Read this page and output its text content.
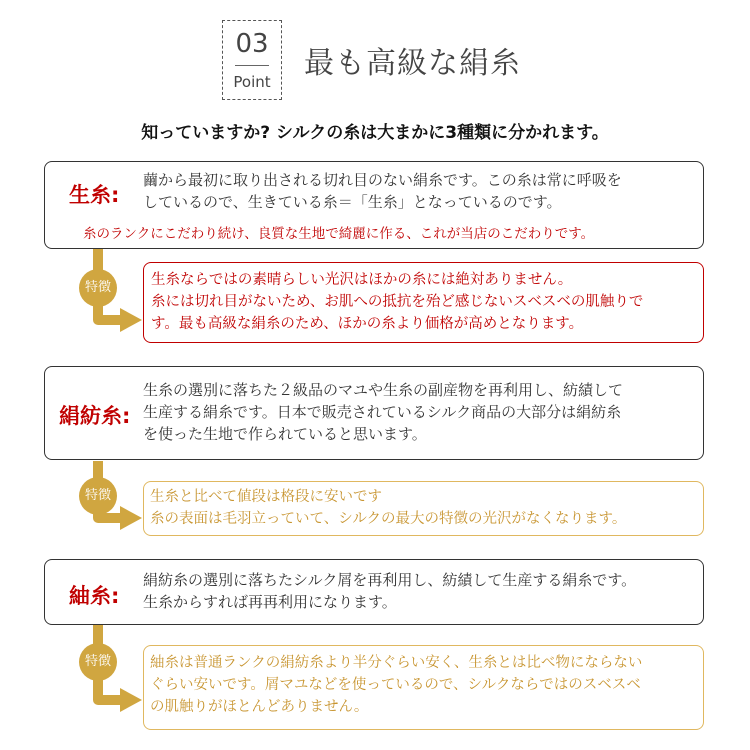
03
Point
最も高級な絹糸
知っていますか? シルクの糸は大まかに3種類に分かれます。
生糸:
繭から最初に取り出される切れ目のない絹糸です。この糸は常に呼吸を
しているので、生きている糸＝「生糸」となっているのです。
糸のランクにこだわり続け、良質な生地で綺麗に作る、これが当店のこだわりです。
特徴	生糸ならではの素晴らしい光沢はほかの糸には絶対ありません。
糸には切れ目がないため、お肌への抵抗を殆ど感じないスベスベの肌触りで
す。最も高級な絹糸のため、ほかの糸より価格が高めとなります。
絹紡糸:
生糸の選別に落ちた２級品のマユや生糸の副産物を再利用し、紡績して
生産する絹糸です。日本で販売されているシルク商品の大部分は絹紡糸
を使った生地で作られていると思います。
特徴	生糸と比べて値段は格段に安いです
糸の表面は毛羽立っていて、シルクの最大の特徴の光沢がなくなります。
紬糸:
絹紡糸の選別に落ちたシルク屑を再利用し、紡績して生産する絹糸です。
生糸からすれば再再利用になります。
特徴	紬糸は普通ランクの絹紡糸より半分ぐらい安く、生糸とは比べ物にならない
ぐらい安いです。屑マユなどを使っているので、シルクならではのスベスベ
の肌触りがほとんどありません。
